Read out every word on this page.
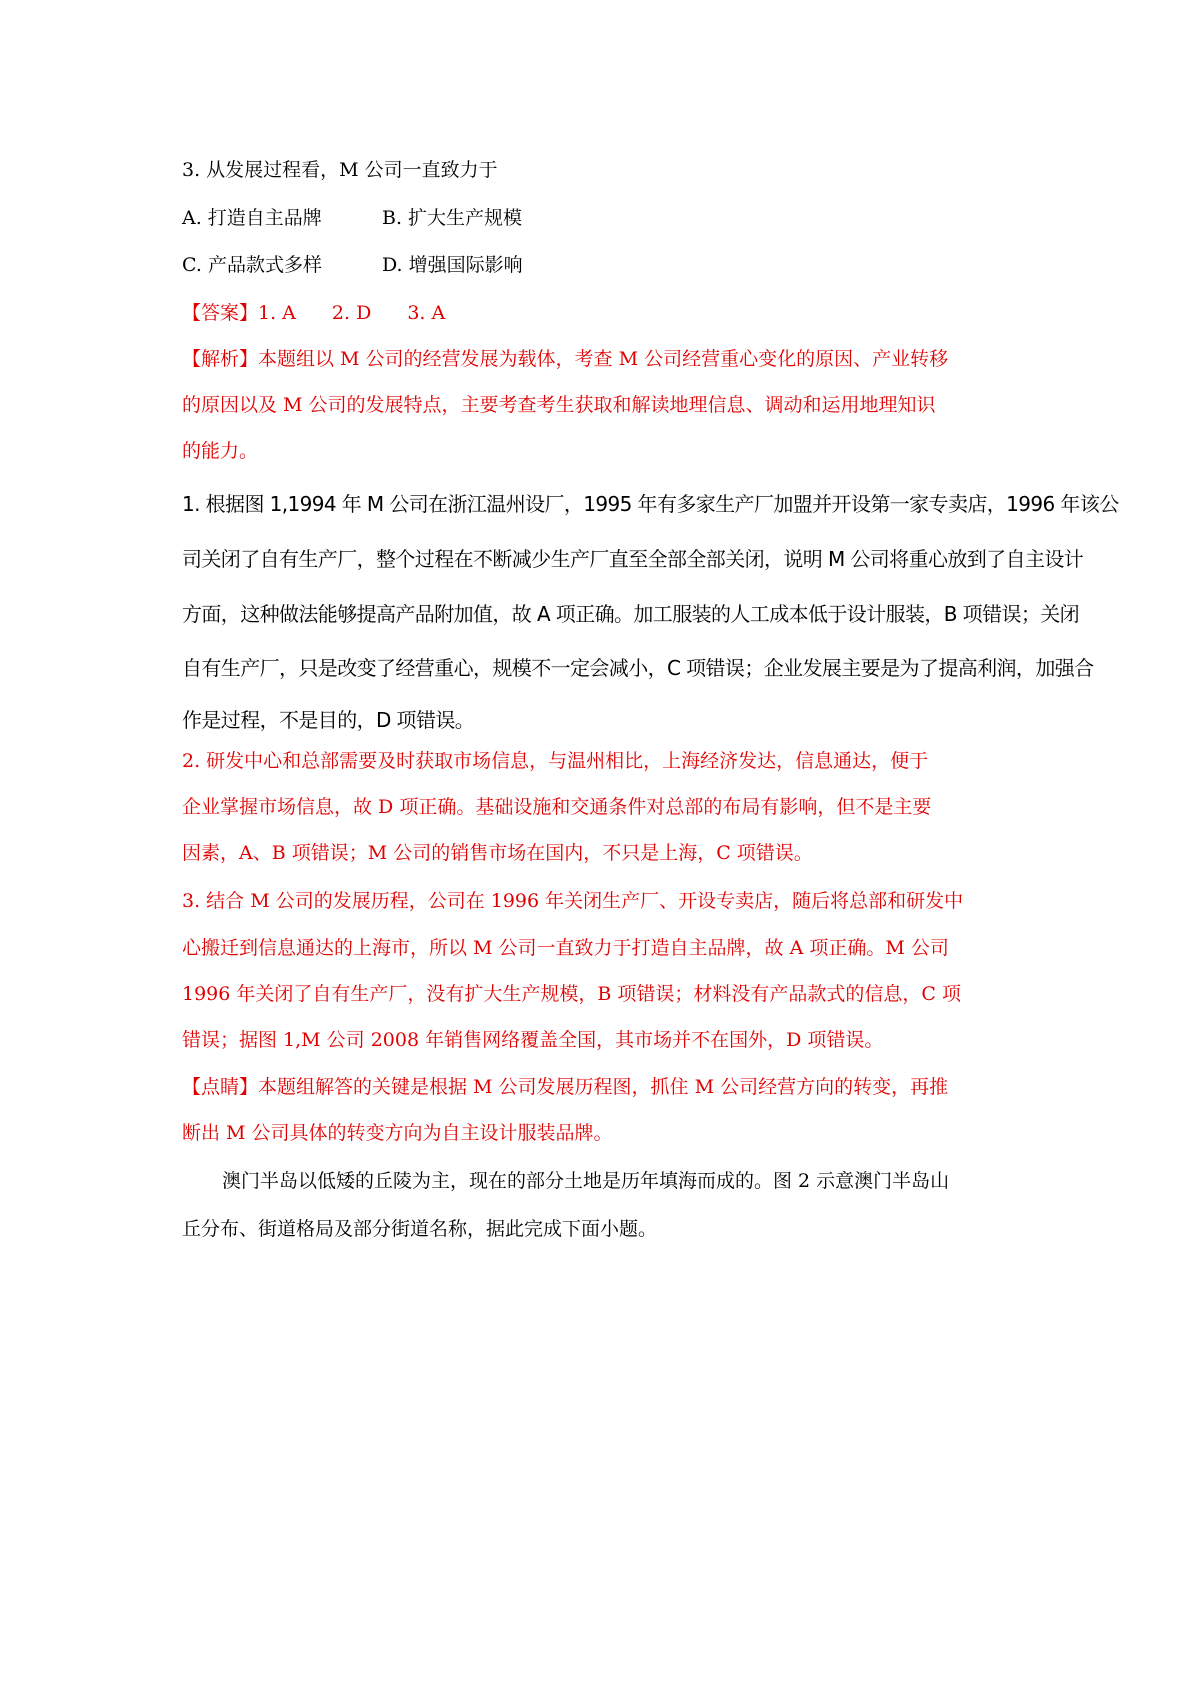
3. 从发展过程看，M 公司一直致力于
A. 打造自主品牌	B. 扩大生产规模
C. 产品款式多样	D. 增强国际影响
【答案】1. A 2. D 3. A
【解析】本题组以 M 公司的经营发展为载体，考查 M 公司经营重心变化的原因、产业转移
的原因以及 M 公司的发展特点，主要考查考生获取和解读地理信息、调动和运用地理知识
的能力。
1. 根据图 1,1994 年 M 公司在浙江温州设厂，1995 年有多家生产厂加盟并开设第一家专卖店，1996 年该公
司关闭了自有生产厂，整个过程在不断减少生产厂直至全部全部关闭，说明 M 公司将重心放到了自主设计
方面，这种做法能够提高产品附加值，故 A 项正确。加工服装的人工成本低于设计服装，B 项错误；关闭
自有生产厂，只是改变了经营重心，规模不一定会减小，C 项错误；企业发展主要是为了提高利润，加强合
作是过程，不是目的，D 项错误。
2. 研发中心和总部需要及时获取市场信息，与温州相比，上海经济发达，信息通达，便于
企业掌握市场信息，故 D 项正确。基础设施和交通条件对总部的布局有影响，但不是主要
因素，A、B 项错误；M 公司的销售市场在国内，不只是上海，C 项错误。
3. 结合 M 公司的发展历程，公司在 1996 年关闭生产厂、开设专卖店，随后将总部和研发中
心搬迁到信息通达的上海市，所以 M 公司一直致力于打造自主品牌，故 A 项正确。M 公司
1996 年关闭了自有生产厂，没有扩大生产规模，B 项错误；材料没有产品款式的信息，C 项
错误；据图 1,M 公司 2008 年销售网络覆盖全国，其市场并不在国外，D 项错误。
【点睛】本题组解答的关键是根据 M 公司发展历程图，抓住 M 公司经营方向的转变，再推
断出 M 公司具体的转变方向为自主设计服装品牌。
澳门半岛以低矮的丘陵为主，现在的部分土地是历年填海而成的。图 2 示意澳门半岛山
丘分布、街道格局及部分街道名称，据此完成下面小题。
